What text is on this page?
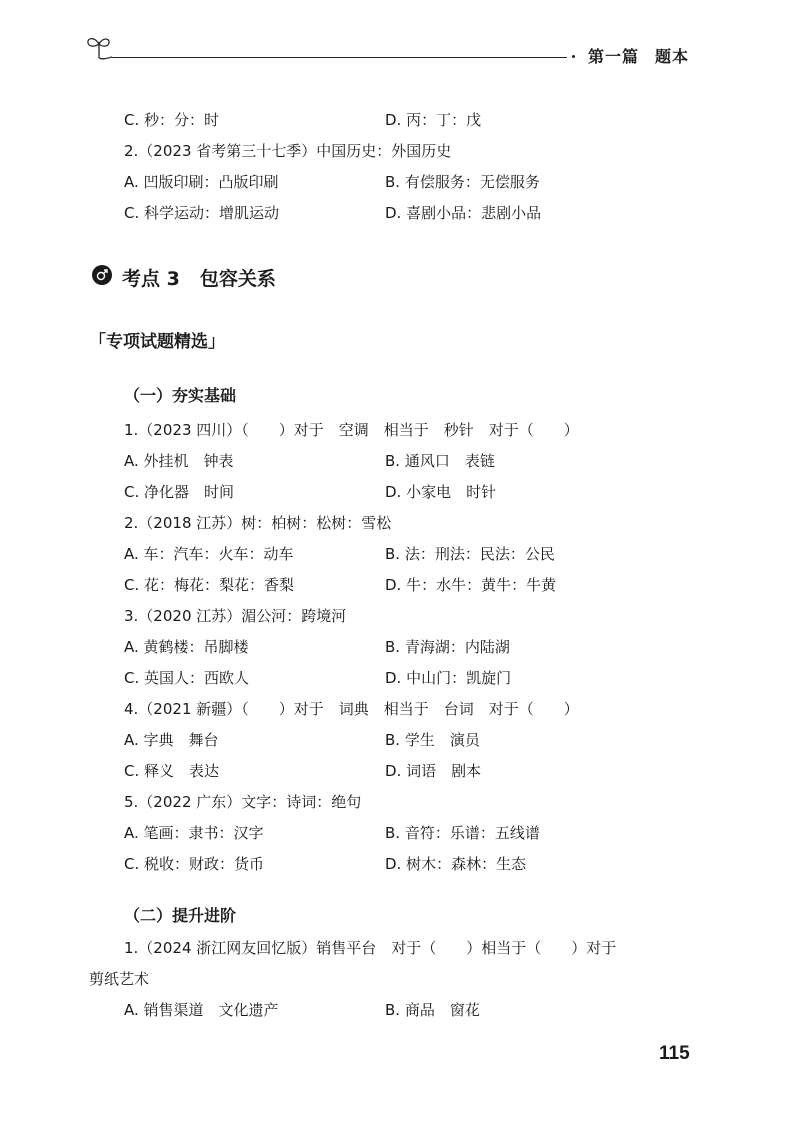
第一篇 题本
C. 秒：分：时	D. 丙：丁：戊
2.（2023 省考第三十七季）中国历史：外国历史
A. 凹版印刷：凸版印刷	B. 有偿服务：无偿服务
C. 科学运动：增肌运动	D. 喜剧小品：悲剧小品
考点 3 包容关系
「专项试题精选」
（一）夯实基础
1.（2023 四川）（　　）对于　空调　相当于　秒针　对于（　　）
A. 外挂机　钟表	B. 通风口　表链
C. 净化器　时间	D. 小家电　时针
2.（2018 江苏）树：柏树：松树：雪松
A. 车：汽车：火车：动车	B. 法：刑法：民法：公民
C. 花：梅花：梨花：香梨	D. 牛：水牛：黄牛：牛黄
3.（2020 江苏）湄公河：跨境河
A. 黄鹤楼：吊脚楼	B. 青海湖：内陆湖
C. 英国人：西欧人	D. 中山门：凯旋门
4.（2021 新疆）（　　）对于　词典　相当于　台词　对于（　　）
A. 字典　舞台	B. 学生　演员
C. 释义　表达	D. 词语　剧本
5.（2022 广东）文字：诗词：绝句
A. 笔画：隶书：汉字	B. 音符：乐谱：五线谱
C. 税收：财政：货币	D. 树木：森林：生态
（二）提升进阶
1.（2024 浙江网友回忆版）销售平台　对于（　　）相当于（　　）对于
剪纸艺术
A. 销售渠道　文化遗产	B. 商品　窗花
115
